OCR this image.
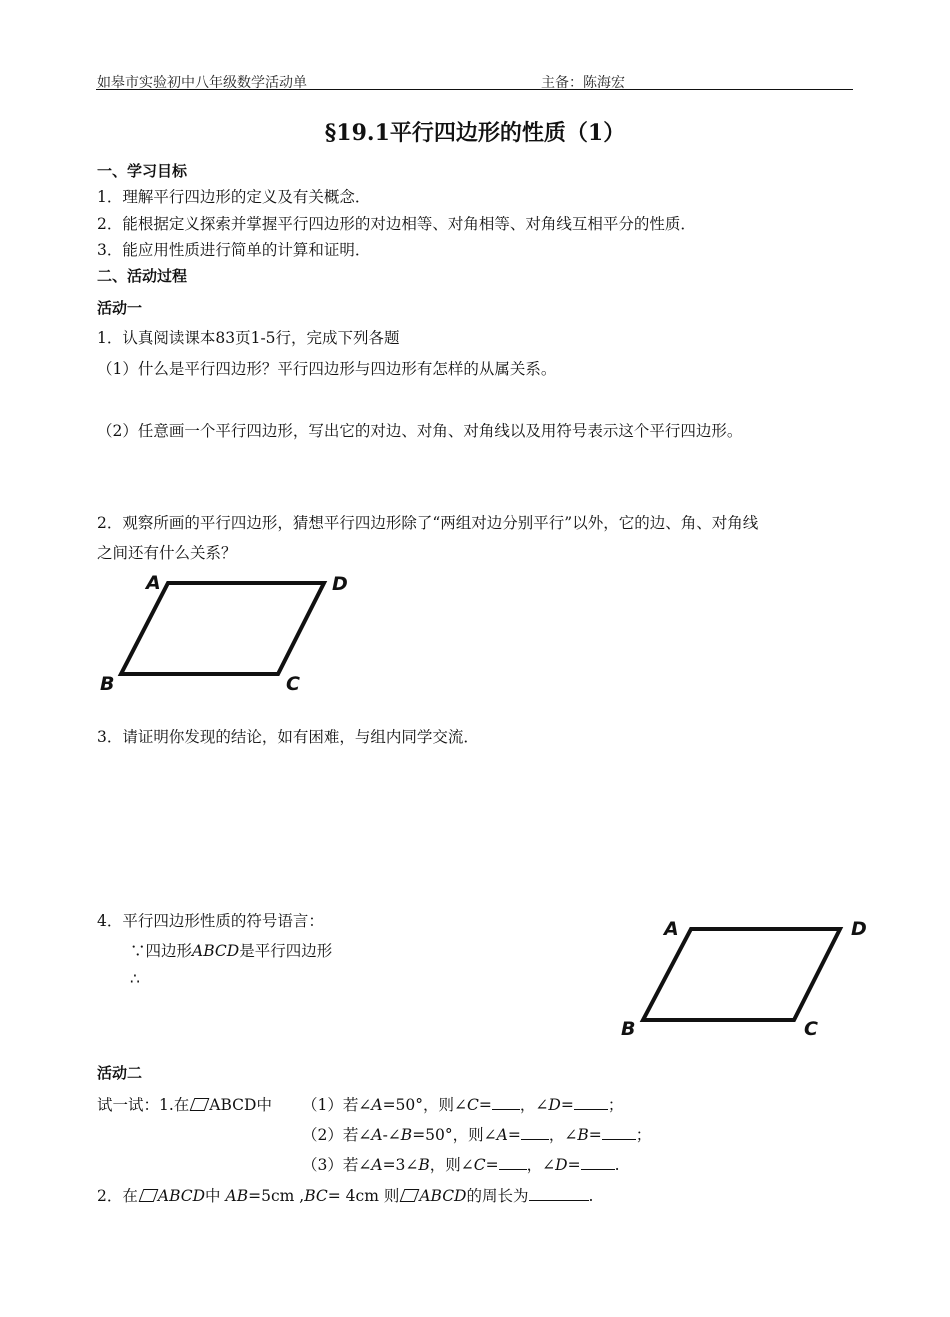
如皋市实验初中八年级数学活动单	主备：陈海宏
§19.1平行四边形的性质（1）
一、学习目标
1．理解平行四边形的定义及有关概念．
2．能根据定义探索并掌握平行四边形的对边相等、对角相等、对角线互相平分的性质．
3．能应用性质进行简单的计算和证明．
二、活动过程
活动一
1．认真阅读课本83页1-5行，完成下列各题
（1）什么是平行四边形？平行四边形与四边形有怎样的从属关系。
（2）任意画一个平行四边形，写出它的对边、对角、对角线以及用符号表示这个平行四边形。
2．观察所画的平行四边形，猜想平行四边形除了“两组对边分别平行”以外，它的边、角、对角线
之间还有什么关系？
A	D
B	C
3．请证明你发现的结论，如有困难，与组内同学交流．
4．平行四边形性质的符号语言：
∵四边形ABCD是平行四边形
∴
A	D
B	C
活动二
试一试：1.在 ABCD中 （1）若∠A=50°，则∠C= ，∠D= ；
（2）若∠A-∠B=50°，则∠A= ，∠B= ；
（3）若∠A=3∠B，则∠C= ，∠D= .
2．在 ABCD中 AB=5cm ,BC= 4cm 则 ABCD的周长为	.
